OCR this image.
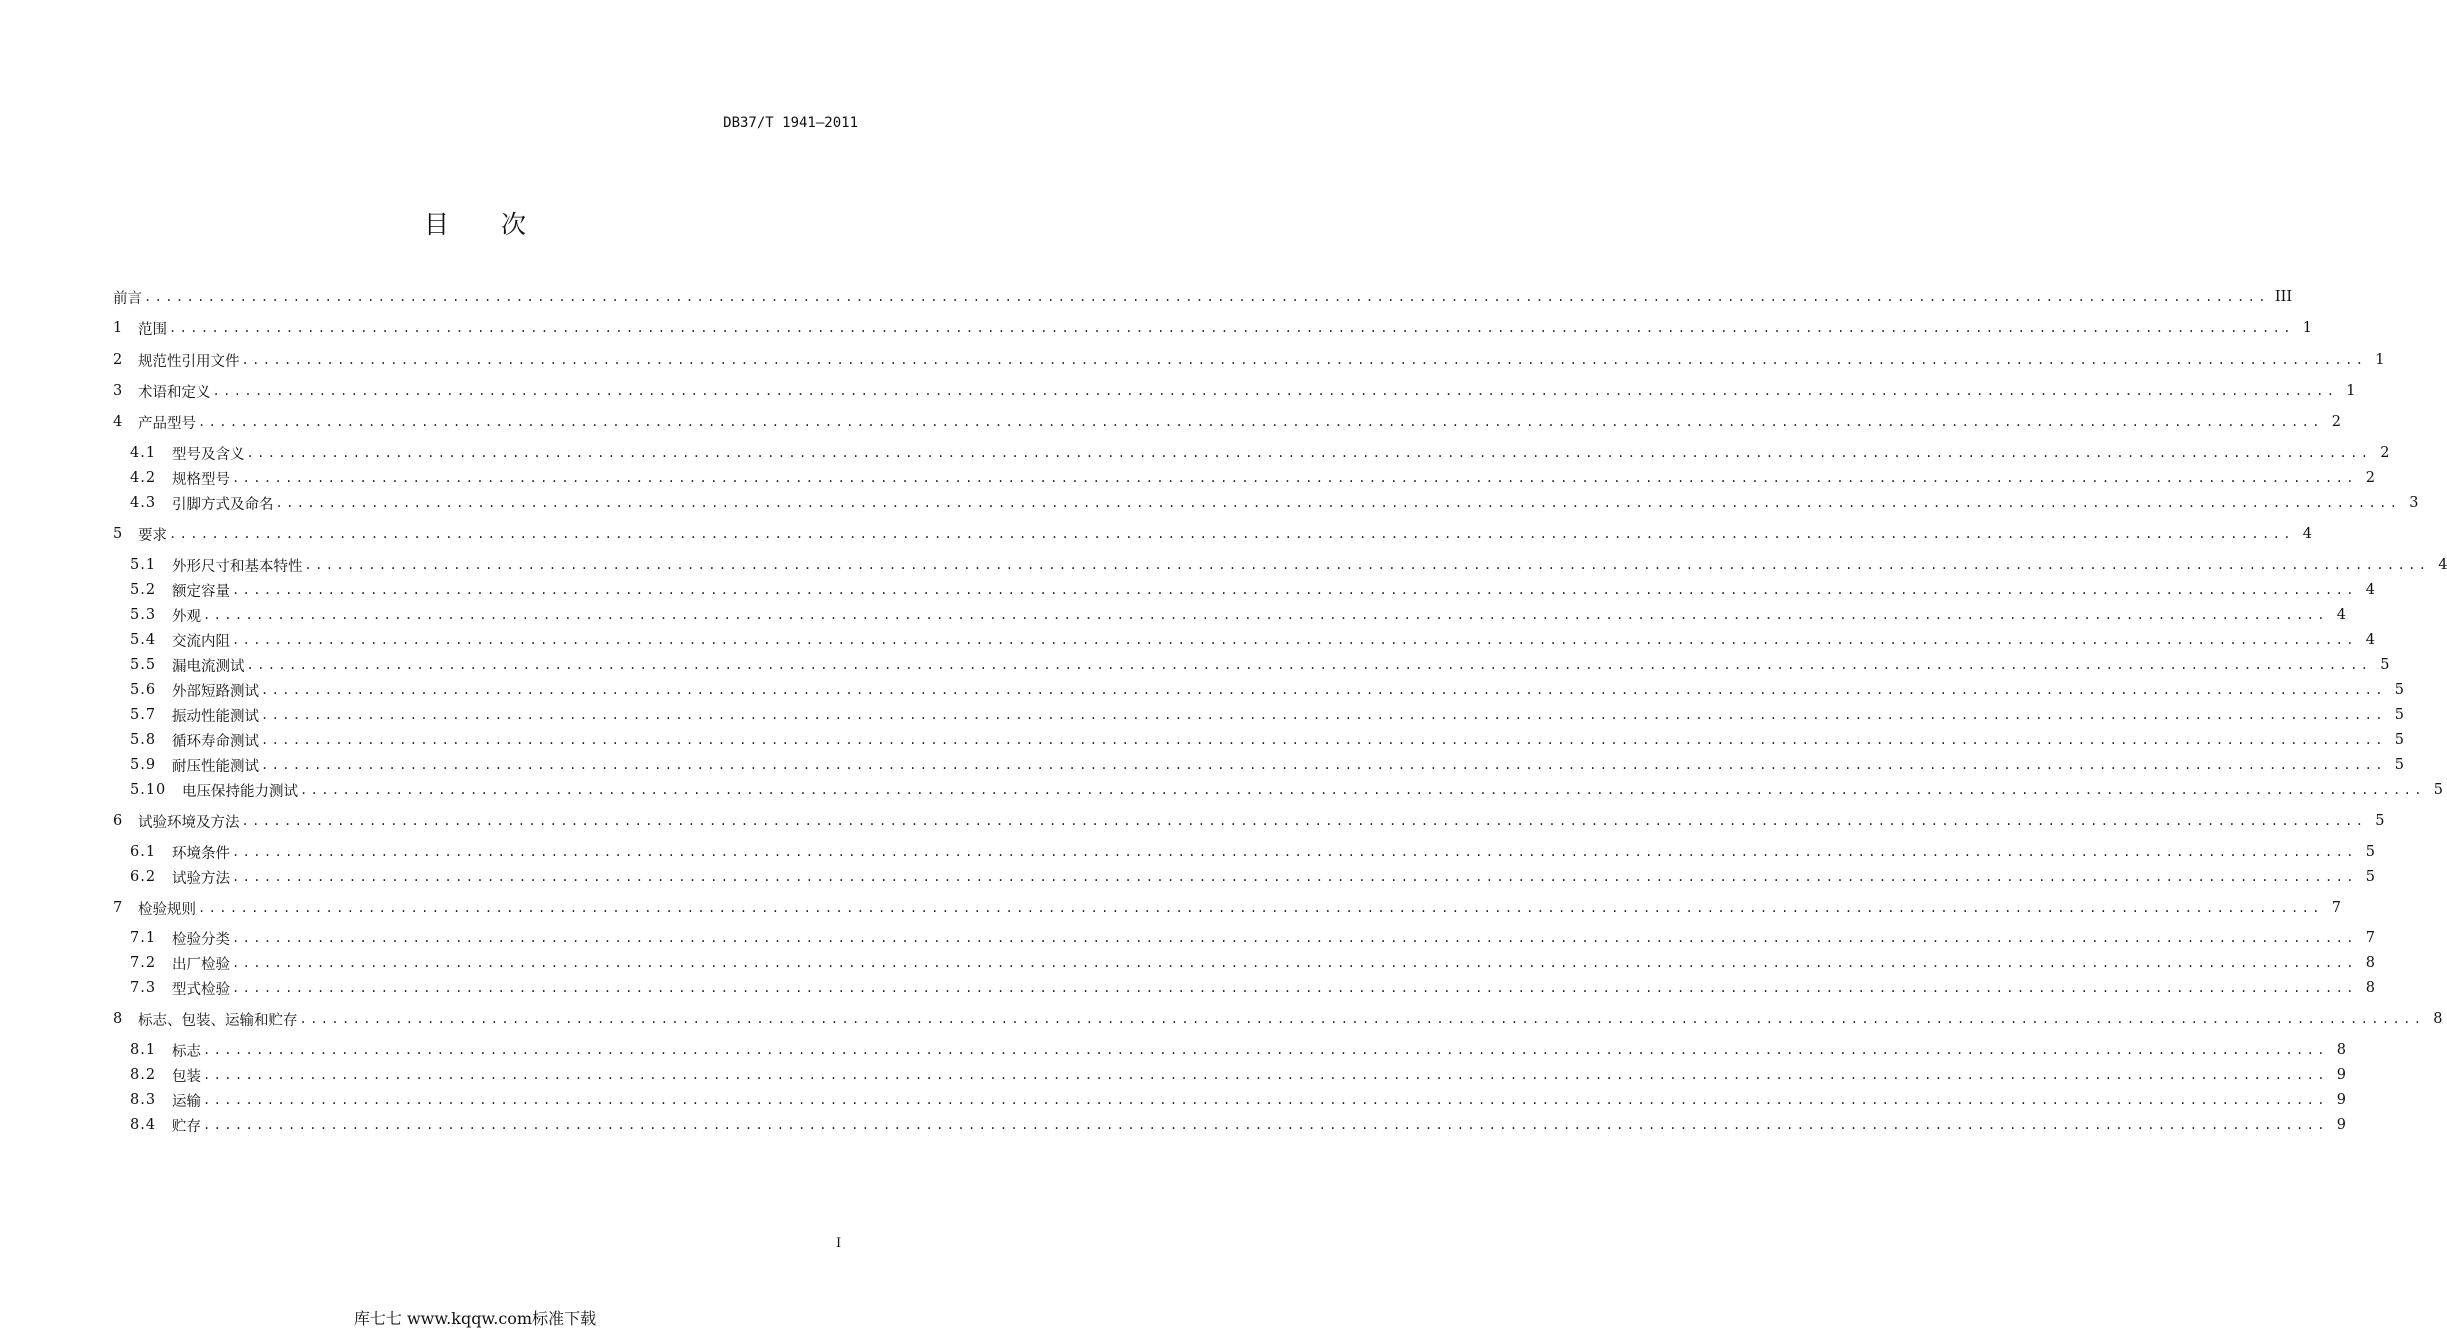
DB37/T 1941—2011
目 次
前言 ........................................................................................................................................................................................................ III
1	范围 ........................................................................................................................................................................................................ 1
2	规范性引用文件 ........................................................................................................................................................................................................ 1
3	术语和定义 ........................................................................................................................................................................................................ 1
4	产品型号 ........................................................................................................................................................................................................ 2
4.1	型号及含义 ........................................................................................................................................................................................................ 2
4.2	规格型号 ........................................................................................................................................................................................................ 2
4.3	引脚方式及命名 ........................................................................................................................................................................................................ 3
5	要求 ........................................................................................................................................................................................................ 4
5.1	外形尺寸和基本特性 ........................................................................................................................................................................................................ 4
5.2	额定容量 ........................................................................................................................................................................................................ 4
5.3	外观 ........................................................................................................................................................................................................ 4
5.4	交流内阻 ........................................................................................................................................................................................................ 4
5.5	漏电流测试 ........................................................................................................................................................................................................ 5
5.6	外部短路测试 ........................................................................................................................................................................................................ 5
5.7	振动性能测试 ........................................................................................................................................................................................................ 5
5.8	循环寿命测试 ........................................................................................................................................................................................................ 5
5.9	耐压性能测试 ........................................................................................................................................................................................................ 5
5.10	电压保持能力测试 ........................................................................................................................................................................................................ 5
6	试验环境及方法 ........................................................................................................................................................................................................ 5
6.1	环境条件 ........................................................................................................................................................................................................ 5
6.2	试验方法 ........................................................................................................................................................................................................ 5
7	检验规则 ........................................................................................................................................................................................................ 7
7.1	检验分类 ........................................................................................................................................................................................................ 7
7.2	出厂检验 ........................................................................................................................................................................................................ 8
7.3	型式检验 ........................................................................................................................................................................................................ 8
8	标志、包装、运输和贮存 ........................................................................................................................................................................................................ 8
8.1	标志 ........................................................................................................................................................................................................ 8
8.2	包装 ........................................................................................................................................................................................................ 9
8.3	运输 ........................................................................................................................................................................................................ 9
8.4	贮存 ........................................................................................................................................................................................................ 9
I
库七七 www.kqqw.com标准下载
